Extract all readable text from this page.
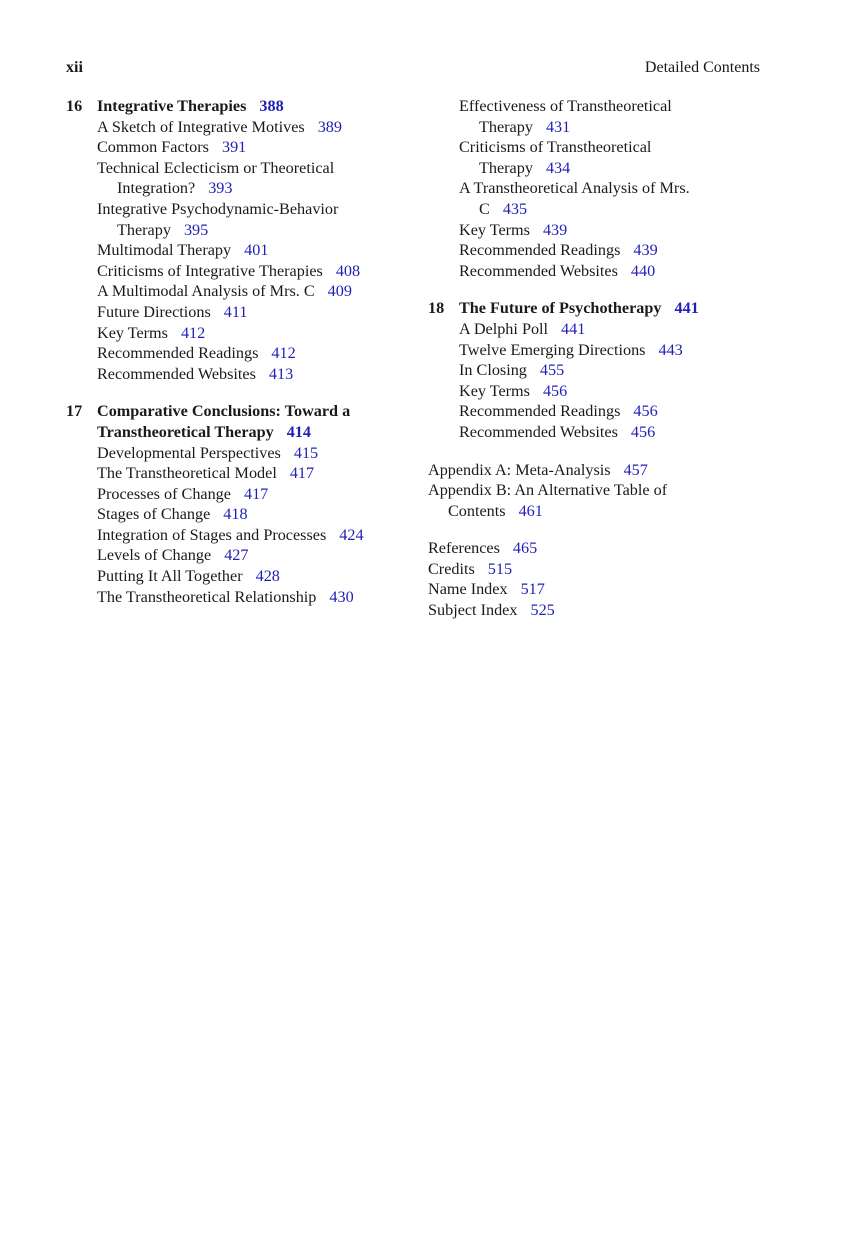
xii	Detailed Contents
16 Integrative Therapies 388
A Sketch of Integrative Motives 389
Common Factors 391
Technical Eclecticism or Theoretical Integration? 393
Integrative Psychodynamic-Behavior Therapy 395
Multimodal Therapy 401
Criticisms of Integrative Therapies 408
A Multimodal Analysis of Mrs. C 409
Future Directions 411
Key Terms 412
Recommended Readings 412
Recommended Websites 413
17 Comparative Conclusions: Toward a Transtheoretical Therapy 414
Developmental Perspectives 415
The Transtheoretical Model 417
Processes of Change 417
Stages of Change 418
Integration of Stages and Processes 424
Levels of Change 427
Putting It All Together 428
The Transtheoretical Relationship 430
Effectiveness of Transtheoretical Therapy 431
Criticisms of Transtheoretical Therapy 434
A Transtheoretical Analysis of Mrs. C 435
Key Terms 439
Recommended Readings 439
Recommended Websites 440
18 The Future of Psychotherapy 441
A Delphi Poll 441
Twelve Emerging Directions 443
In Closing 455
Key Terms 456
Recommended Readings 456
Recommended Websites 456
Appendix A: Meta-Analysis 457
Appendix B: An Alternative Table of Contents 461
References 465
Credits 515
Name Index 517
Subject Index 525
